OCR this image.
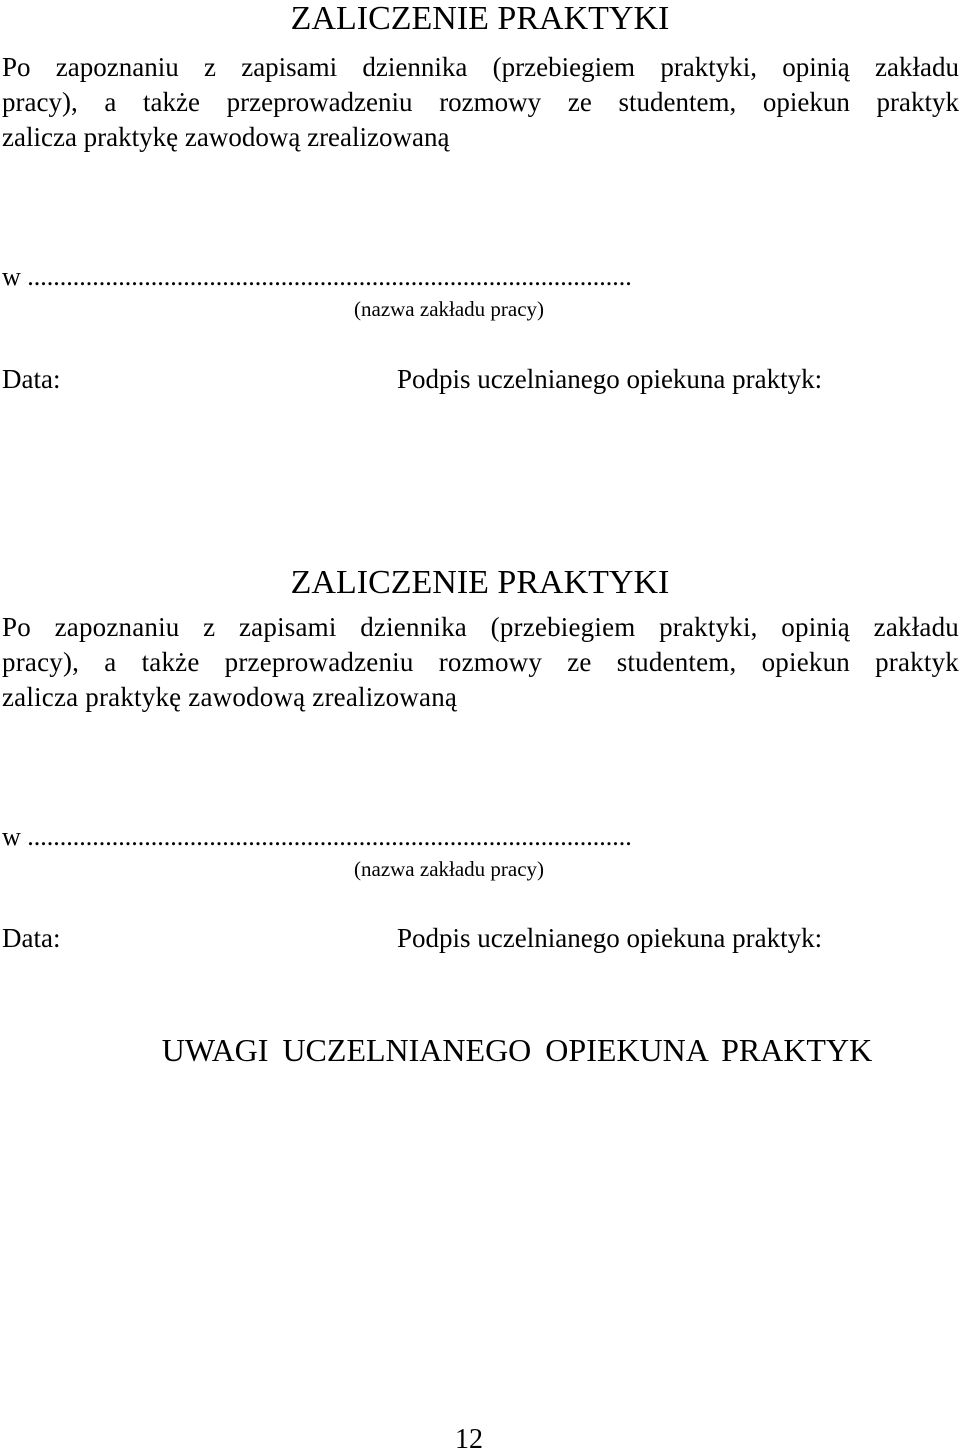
ZALICZENIE PRAKTYKI
Po zapoznaniu z zapisami dziennika (przebiegiem praktyki, opinią zakładu
pracy), a także przeprowadzeniu rozmowy ze studentem, opiekun praktyk
zalicza praktykę zawodową zrealizowaną
w .............................................................................................
(nazwa zakładu pracy)
Data:	Podpis uczelnianego opiekuna praktyk:
ZALICZENIE PRAKTYKI
Po zapoznaniu z zapisami dziennika (przebiegiem praktyki, opinią zakładu
pracy), a także przeprowadzeniu rozmowy ze studentem, opiekun praktyk
zalicza praktykę zawodową zrealizowaną
w .............................................................................................
(nazwa zakładu pracy)
Data:	Podpis uczelnianego opiekuna praktyk:
UWAGI UCZELNIANEGO OPIEKUNA PRAKTYK
12
